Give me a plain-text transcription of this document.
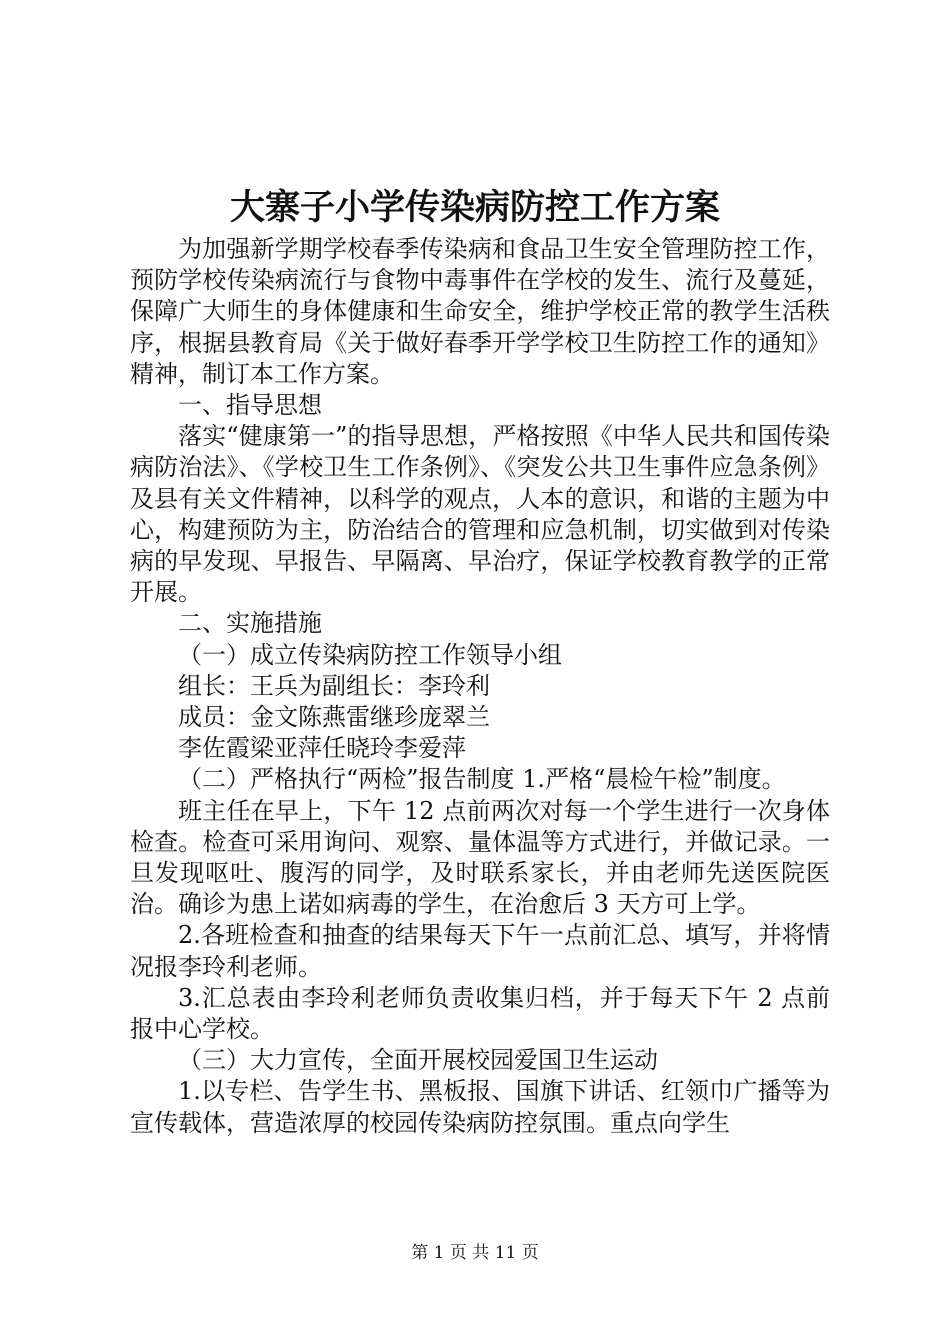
大寨子小学传染病防控工作方案

为加强新学期学校春季传染病和食品卫生安全管理防控工作，预防学校传染病流行与食物中毒事件在学校的发生、流行及蔓延，保障广大师生的身体健康和生命安全，维护学校正常的教学生活秩序，根据县教育局《关于做好春季开学学校卫生防控工作的通知》精神，制订本工作方案。

一、指导思想

落实“健康第一”的指导思想，严格按照《中华人民共和国传染病防治法》、《学校卫生工作条例》、《突发公共卫生事件应急条例》及县有关文件精神，以科学的观点，人本的意识，和谐的主题为中心，构建预防为主，防治结合的管理和应急机制，切实做到对传染病的早发现、早报告、早隔离、早治疗，保证学校教育教学的正常开展。

二、实施措施

（一）成立传染病防控工作领导小组

组长：王兵为副组长：李玲利

成员：金文陈燕雷继珍庞翠兰

李佐霞梁亚萍任晓玲李爱萍

（二）严格执行“两检”报告制度 1.严格“晨检午检”制度。

班主任在早上，下午 12 点前两次对每一个学生进行一次身体检查。检查可采用询问、观察、量体温等方式进行，并做记录。一旦发现呕吐、腹泻的同学，及时联系家长，并由老师先送医院医治。确诊为患上诺如病毒的学生，在治愈后 3 天方可上学。

2.各班检查和抽查的结果每天下午一点前汇总、填写，并将情况报李玲利老师。

3.汇总表由李玲利老师负责收集归档，并于每天下午 2 点前报中心学校。

（三）大力宣传，全面开展校园爱国卫生运动

1.以专栏、告学生书、黑板报、国旗下讲话、红领巾广播等为宣传载体，营造浓厚的校园传染病防控氛围。重点向学生

第 1 页 共 11 页
